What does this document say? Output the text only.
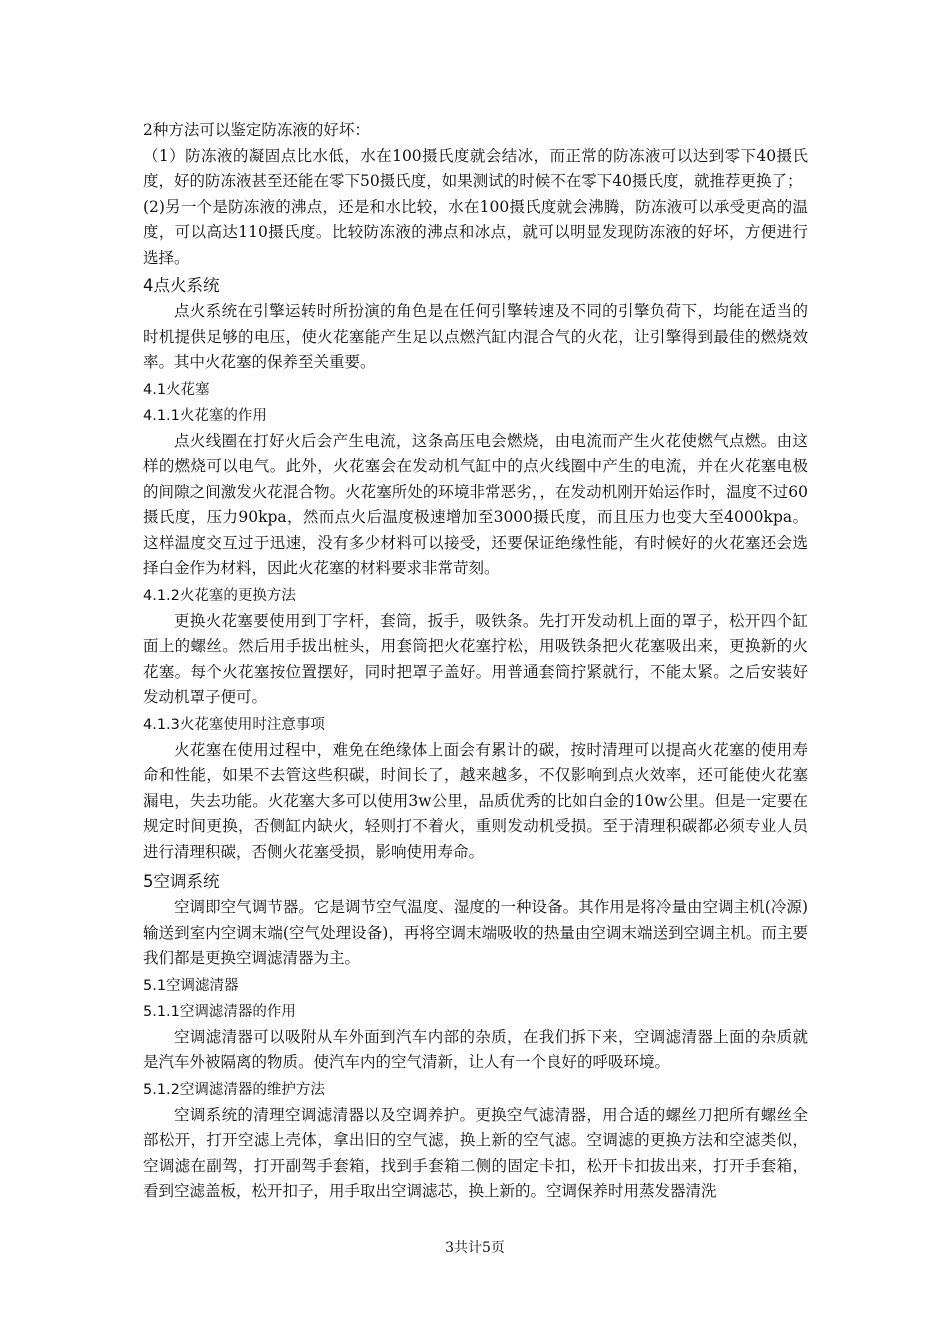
2种方法可以鉴定防冻液的好坏：

（1）防冻液的凝固点比水低，水在100摄氏度就会结冰，而正常的防冻液可以达到零下40摄氏度，好的防冻液甚至还能在零下50摄氏度，如果测试的时候不在零下40摄氏度，就推荐更换了；

(2)另一个是防冻液的沸点，还是和水比较，水在100摄氏度就会沸腾，防冻液可以承受更高的温度，可以高达110摄氏度。比较防冻液的沸点和冰点，就可以明显发现防冻液的好坏，方便进行选择。

4点火系统

点火系统在引擎运转时所扮演的角色是在任何引擎转速及不同的引擎负荷下，均能在适当的时机提供足够的电压，使火花塞能产生足以点燃汽缸内混合气的火花，让引擎得到最佳的燃烧效率。其中火花塞的保养至关重要。

4.1火花塞
4.1.1火花塞的作用

点火线圈在打好火后会产生电流，这条高压电会燃烧，由电流而产生火花使燃气点燃。由这样的燃烧可以电气。此外，火花塞会在发动机气缸中的点火线圈中产生的电流，并在火花塞电极的间隙之间激发火花混合物。火花塞所处的环境非常恶劣，，在发动机刚开始运作时，温度不过60摄氏度，压力90kpa，然而点火后温度极速增加至3000摄氏度，而且压力也变大至4000kpa。这样温度交互过于迅速，没有多少材料可以接受，还要保证绝缘性能，有时候好的火花塞还会选择白金作为材料，因此火花塞的材料要求非常苛刻。

4.1.2火花塞的更换方法

更换火花塞要使用到丁字杆，套筒，扳手，吸铁条。先打开发动机上面的罩子，松开四个缸面上的螺丝。然后用手拔出桩头，用套筒把火花塞拧松，用吸铁条把火花塞吸出来，更换新的火花塞。每个火花塞按位置摆好，同时把罩子盖好。用普通套筒拧紧就行，不能太紧。之后安装好发动机罩子便可。

4.1.3火花塞使用时注意事项

火花塞在使用过程中，难免在绝缘体上面会有累计的碳，按时清理可以提高火花塞的使用寿命和性能，如果不去管这些积碳，时间长了，越来越多，不仅影响到点火效率，还可能使火花塞漏电，失去功能。火花塞大多可以使用3w公里，品质优秀的比如白金的10w公里。但是一定要在规定时间更换，否侧缸内缺火，轻则打不着火，重则发动机受损。至于清理积碳都必须专业人员进行清理积碳，否侧火花塞受损，影响使用寿命。

5空调系统

空调即空气调节器。它是调节空气温度、湿度的一种设备。其作用是将冷量由空调主机(冷源)输送到室内空调末端(空气处理设备)，再将空调末端吸收的热量由空调末端送到空调主机。而主要我们都是更换空调滤清器为主。

5.1空调滤清器
5.1.1空调滤清器的作用

空调滤清器可以吸附从车外面到汽车内部的杂质，在我们拆下来，空调滤清器上面的杂质就是汽车外被隔离的物质。使汽车内的空气清新，让人有一个良好的呼吸环境。

5.1.2空调滤清器的维护方法

空调系统的清理空调滤清器以及空调养护。更换空气滤清器，用合适的螺丝刀把所有螺丝全部松开，打开空滤上壳体，拿出旧的空气滤，换上新的空气滤。空调滤的更换方法和空滤类似，空调滤在副驾，打开副驾手套箱，找到手套箱二侧的固定卡扣，松开卡扣拔出来，打开手套箱，看到空滤盖板，松开扣子，用手取出空调滤芯，换上新的。空调保养时用蒸发器清洗

3共计5页
